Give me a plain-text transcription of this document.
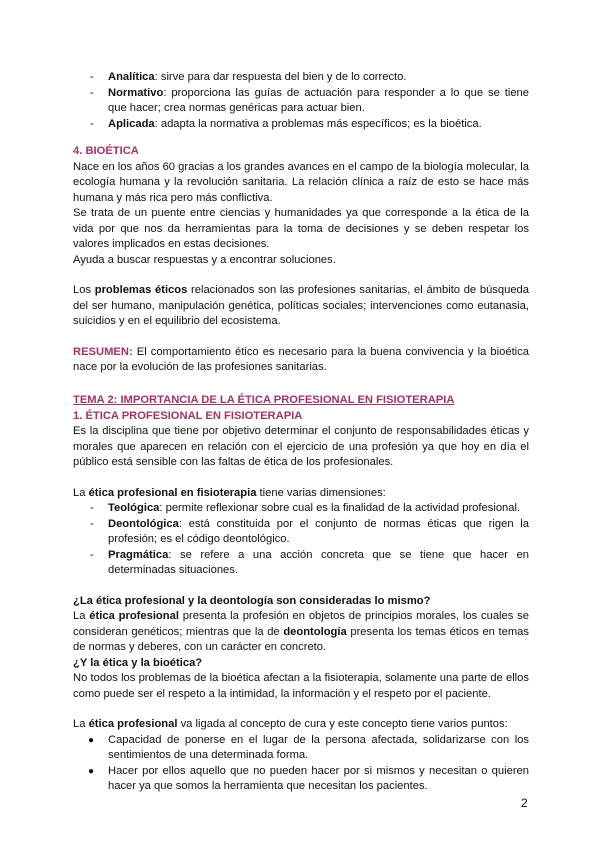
- Analítica: sirve para dar respuesta del bien y de lo correcto.
- Normativo: proporciona las guías de actuación para responder a lo que se tiene que hacer; crea normas genéricas para actuar bien.
- Aplicada: adapta la normativa a problemas más específicos; es la bioética.

4. BIOÉTICA

Nace en los años 60 gracias a los grandes avances en el campo de la biología molecular, la ecología humana y la revolución sanitaria. La relación clínica a raíz de esto se hace más humana y más rica pero más conflictiva.

Se trata de un puente entre ciencias y humanidades ya que corresponde a la ética de la vida por que nos da herramientas para la toma de decisiones y se deben respetar los valores implicados en estas decisiones.

Ayuda a buscar respuestas y a encontrar soluciones.

Los problemas éticos relacionados son las profesiones sanitarias, el ámbito de búsqueda del ser humano, manipulación genética, políticas sociales; intervenciones como eutanasia, suicidios y en el equilibrio del ecosistema.

RESUMEN: El comportamiento ético es necesario para la buena convivencia y la bioética nace por la evolución de las profesiones sanitarias.

TEMA 2: IMPORTANCIA DE LA ÉTICA PROFESIONAL EN FISIOTERAPIA

1. ÉTICA PROFESIONAL EN FISIOTERAPIA

Es la disciplina que tiene por objetivo determinar el conjunto de responsabilidades éticas y morales que aparecen en relación con el ejercicio de una profesión ya que hoy en día el público está sensible con las faltas de ética de los profesionales.

La ética profesional en fisioterapia tiene varias dimensiones:

- Teológica: permite reflexionar sobre cual es la finalidad de la actividad profesional.
- Deontológica: está constituida por el conjunto de normas éticas que rigen la profesión; es el código deontológico.
- Pragmática: se refere a una acción concreta que se tiene que hacer en determinadas situaciones.

¿La ética profesional y la deontología son consideradas lo mismo?

La ética profesional presenta la profesión en objetos de principios morales, los cuales se consideran genéticos; mientras que la de deontología presenta los temas éticos en temas de normas y deberes, con un carácter en concreto.

¿Y la ética y la bioética?

No todos los problemas de la bioética afectan a la fisioterapia, solamente una parte de ellos como puede ser el respeto a la intimidad, la información y el respeto por el paciente.

La ética profesional va ligada al concepto de cura y este concepto tiene varios puntos:

● Capacidad de ponerse en el lugar de la persona afectada, solidarizarse con los sentimientos de una determinada forma.
● Hacer por ellos aquello que no pueden hacer por si mismos y necesitan o quieren hacer ya que somos la herramienta que necesitan los pacientes.
2
